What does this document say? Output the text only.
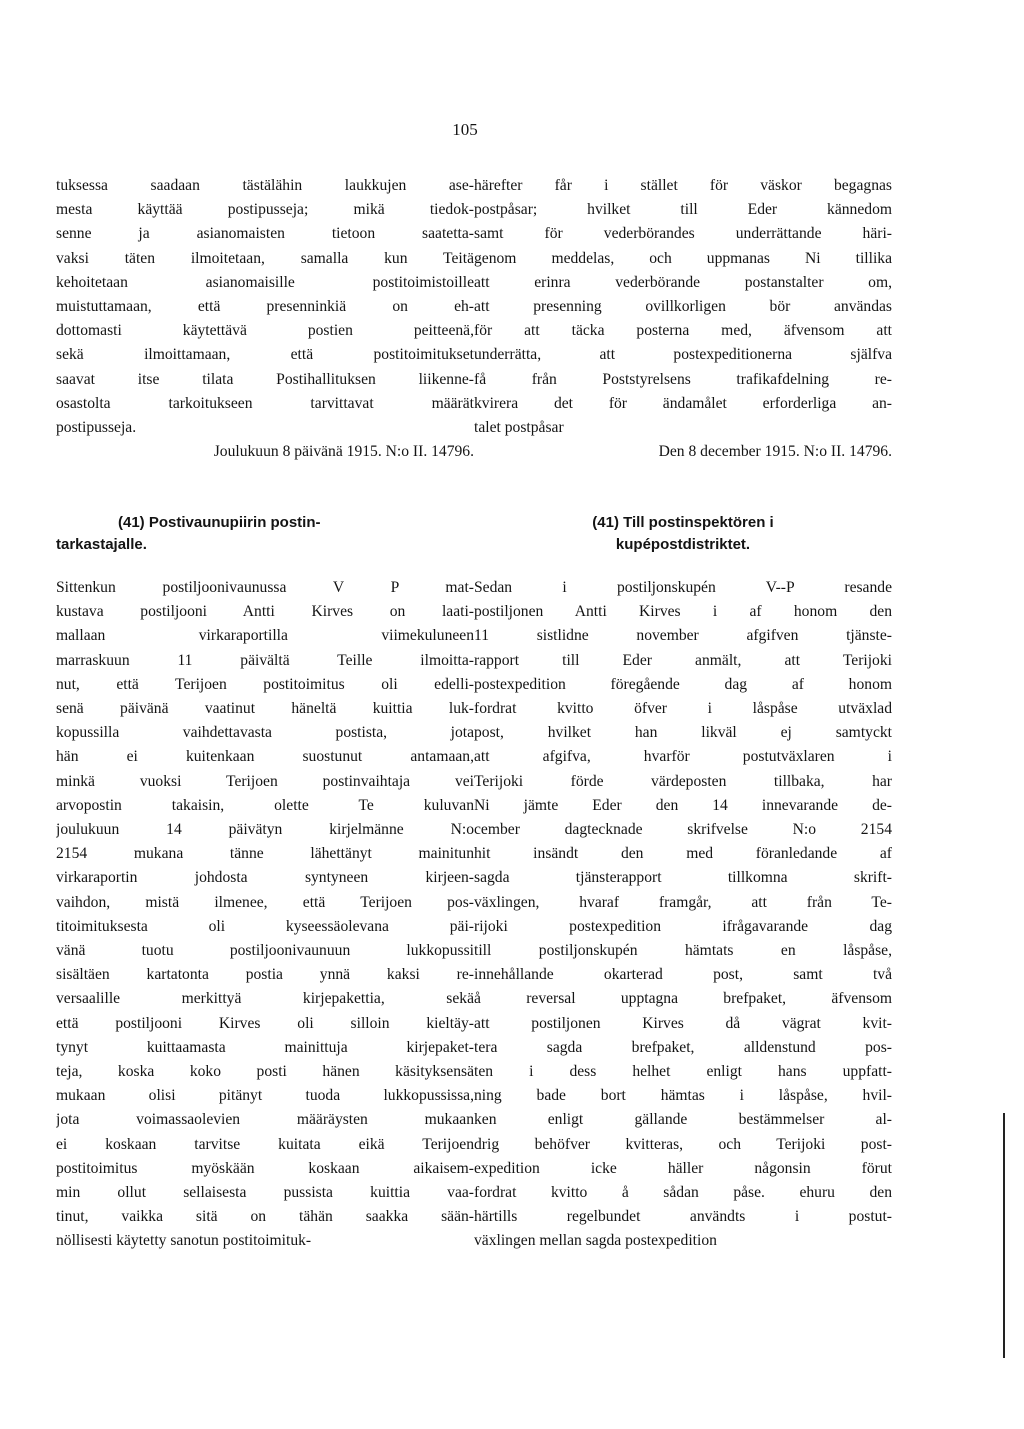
105

tuksessa saadaan tästälähin laukkujen ase-
mesta käyttää postipusseja; mikä tiedok-
senne ja asianomaisten tietoon saatetta-
vaksi täten ilmoitetaan, samalla kun Teitä
kehoitetaan asianomaisille postitoimistoille
muistuttamaan, että presenninkiä on eh-
dottomasti käytettävä postien peitteenä,
sekä ilmoittamaan, että postitoimitukset
saavat itse tilata Postihallituksen liikenne-
osastolta tarkoitukseen tarvittavat määrät
postipusseja.

Joulukuun 8 päivänä 1915. N:o II. 14796.

härefter får i stället för väskor begagnas
postpåsar; hvilket till Eder kännedom
samt för vederbörandes underrättande häri-
genom meddelas, och uppmanas Ni tillika
att erinra vederbörande postanstalter om,
att presenning ovillkorligen bör användas
för att täcka posterna med, äfvensom att
underrätta, att postexpeditionerna själfva
få från Poststyrelsens trafikafdelning re-
kvirera det för ändamålet erforderliga an-
talet postpåsar

Den 8 december 1915. N:o II. 14796.

(41) Postivaunupiirin postin-
tarkastajalle.

(41) Till postinspektören i
kupépostdistriktet.

Sittenkun postiljoonivaunussa V P mat-
kustava postiljooni Antti Kirves on laati-
mallaan virkaraportilla viimekuluneen
marraskuun 11 päivältä Teille ilmoitta-
nut, että Terijoen postitoimitus oli edelli-
senä päivänä vaatinut häneltä kuittia luk-
kopussilla vaihdettavasta postista, jota
hän ei kuitenkaan suostunut antamaan,
minkä vuoksi Terijoen postinvaihtaja vei
arvopostin takaisin, olette Te kuluvan
joulukuun 14 päivätyn kirjelmänne N:o
2154 mukana tänne lähettänyt mainitun
virkaraportin johdosta syntyneen kirjeen-
vaihdon, mistä ilmenee, että Terijoen pos-
titoimituksesta oli kyseessäolevana päi-
vänä tuotu postiljoonivaunuun lukkopussi
sisältäen kartatonta postia ynnä kaksi re-
versaalille merkittyä kirjepakettia, sekä
että postiljooni Kirves oli silloin kieltäy-
tynyt kuittaamasta mainittuja kirjepaket-
teja, koska koko posti hänen käsityksensä
mukaan olisi pitänyt tuoda lukkopussissa,
jota voimassaolevien määräysten mukaan
ei koskaan tarvitse kuitata eikä Terijoen
postitoimitus myöskään koskaan aikaisem-
min ollut sellaisesta pussista kuittia vaa-
tinut, vaikka sitä on tähän saakka sään-
nöllisesti käytetty sanotun postitoimituk-

Sedan i postiljonskupén V--P resande
postiljonen Antti Kirves i af honom den
11 sistlidne november afgifven tjänste-
rapport till Eder anmält, att Terijoki
postexpedition föregående dag af honom
fordrat kvitto öfver i låspåse utväxlad
post, hvilket han likväl ej samtyckt
att afgifva, hvarför postutväxlaren i
Terijoki förde värdeposten tillbaka, har
Ni jämte Eder den 14 innevarande de-
cember dagtecknade skrifvelse N:o 2154
hit insändt den med föranledande af
sagda tjänsterapport tillkomna skrift-
växlingen, hvaraf framgår, att från Te-
rijoki postexpedition ifrågavarande dag
till postiljonskupén hämtats en låspåse,
innehållande okarterad post, samt två
å reversal upptagna brefpaket, äfvensom
att postiljonen Kirves då vägrat kvit-
tera sagda brefpaket, alldenstund pos-
ten i dess helhet enligt hans uppfatt-
ning bade bort hämtas i låspåse, hvil-
ken enligt gällande bestämmelser al-
drig behöfver kvitteras, och Terijoki post-
expedition icke häller någonsin förut
fordrat kvitto å sådan påse. ehuru den
härtills regelbundet användts i postut-
växlingen mellan sagda postexpedition
